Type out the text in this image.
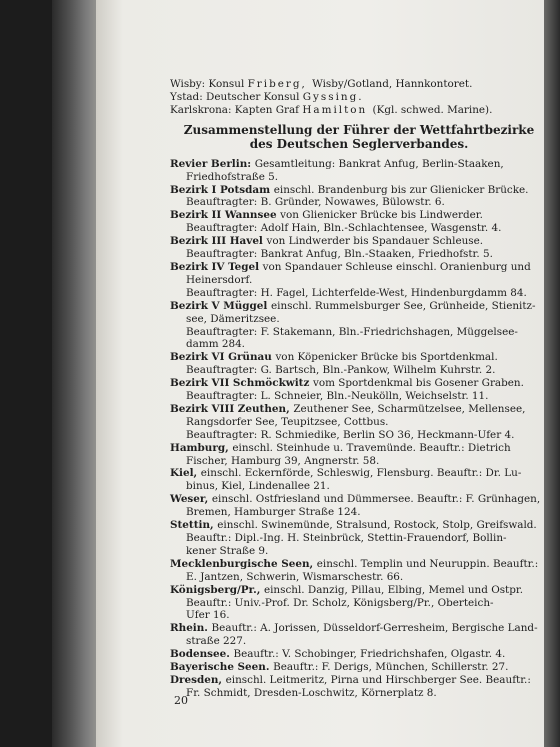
Wisby: Konsul Friberg, Wisby/Gotland, Hannkontoret.
Ystad: Deutscher Konsul Gyssing.
Karlskrona: Kapten Graf Hamilton (Kgl. schwed. Marine).
Zusammenstellung der Führer der Wettfahrtbezirke
des Deutschen Seglerverbandes.
Revier Berlin: Gesamtleitung: Bankrat Anfug, Berlin-Staaken,
Friedhofstraße 5.
Bezirk I Potsdam einschl. Brandenburg bis zur Glienicker Brücke.
Beauftragter: B. Gründer, Nowawes, Bülowstr. 6.
Bezirk II Wannsee von Glienicker Brücke bis Lindwerder.
Beauftragter: Adolf Hain, Bln.-Schlachtensee, Wasgenstr. 4.
Bezirk III Havel von Lindwerder bis Spandauer Schleuse.
Beauftragter: Bankrat Anfug, Bln.-Staaken, Friedhofstr. 5.
Bezirk IV Tegel von Spandauer Schleuse einschl. Oranienburg und
Heinersdorf.
Beauftragter: H. Fagel, Lichterfelde-West, Hindenburgdamm 84.
Bezirk V Müggel einschl. Rummelsburger See, Grünheide, Stienitz-
see, Dämeritzsee.
Beauftragter: F. Stakemann, Bln.-Friedrichshagen, Müggelsee-
damm 284.
Bezirk VI Grünau von Köpenicker Brücke bis Sportdenkmal.
Beauftragter: G. Bartsch, Bln.-Pankow, Wilhelm Kuhrstr. 2.
Bezirk VII Schmöckwitz vom Sportdenkmal bis Gosener Graben.
Beauftragter: L. Schneier, Bln.-Neukölln, Weichselstr. 11.
Bezirk VIII Zeuthen, Zeuthener See, Scharmützelsee, Mellensee,
Rangsdorfer See, Teupitzsee, Cottbus.
Beauftragter: R. Schmiedike, Berlin SO 36, Heckmann-Ufer 4.
Hamburg, einschl. Steinhude u. Travemünde. Beauftr.: Dietrich
Fischer, Hamburg 39, Angnerstr. 58.
Kiel, einschl. Eckernförde, Schleswig, Flensburg. Beauftr.: Dr. Lu-
binus, Kiel, Lindenallee 21.
Weser, einschl. Ostfriesland und Dümmersee. Beauftr.: F. Grünhagen,
Bremen, Hamburger Straße 124.
Stettin, einschl. Swinemünde, Stralsund, Rostock, Stolp, Greifswald.
Beauftr.: Dipl.-Ing. H. Steinbrück, Stettin-Frauendorf, Bollin-
kener Straße 9.
Mecklenburgische Seen, einschl. Templin und Neuruppin. Beauftr.:
E. Jantzen, Schwerin, Wismarschestr. 66.
Königsberg/Pr., einschl. Danzig, Pillau, Elbing, Memel und Ostpr.
Beauftr.: Univ.-Prof. Dr. Scholz, Königsberg/Pr., Oberteich-
Ufer 16.
Rhein. Beauftr.: A. Jorissen, Düsseldorf-Gerresheim, Bergische Land-
straße 227.
Bodensee. Beauftr.: V. Schobinger, Friedrichshafen, Olgastr. 4.
Bayerische Seen. Beauftr.: F. Derigs, München, Schillerstr. 27.
Dresden, einschl. Leitmeritz, Pirna und Hirschberger See. Beauftr.:
Fr. Schmidt, Dresden-Loschwitz, Körnerplatz 8.
20
